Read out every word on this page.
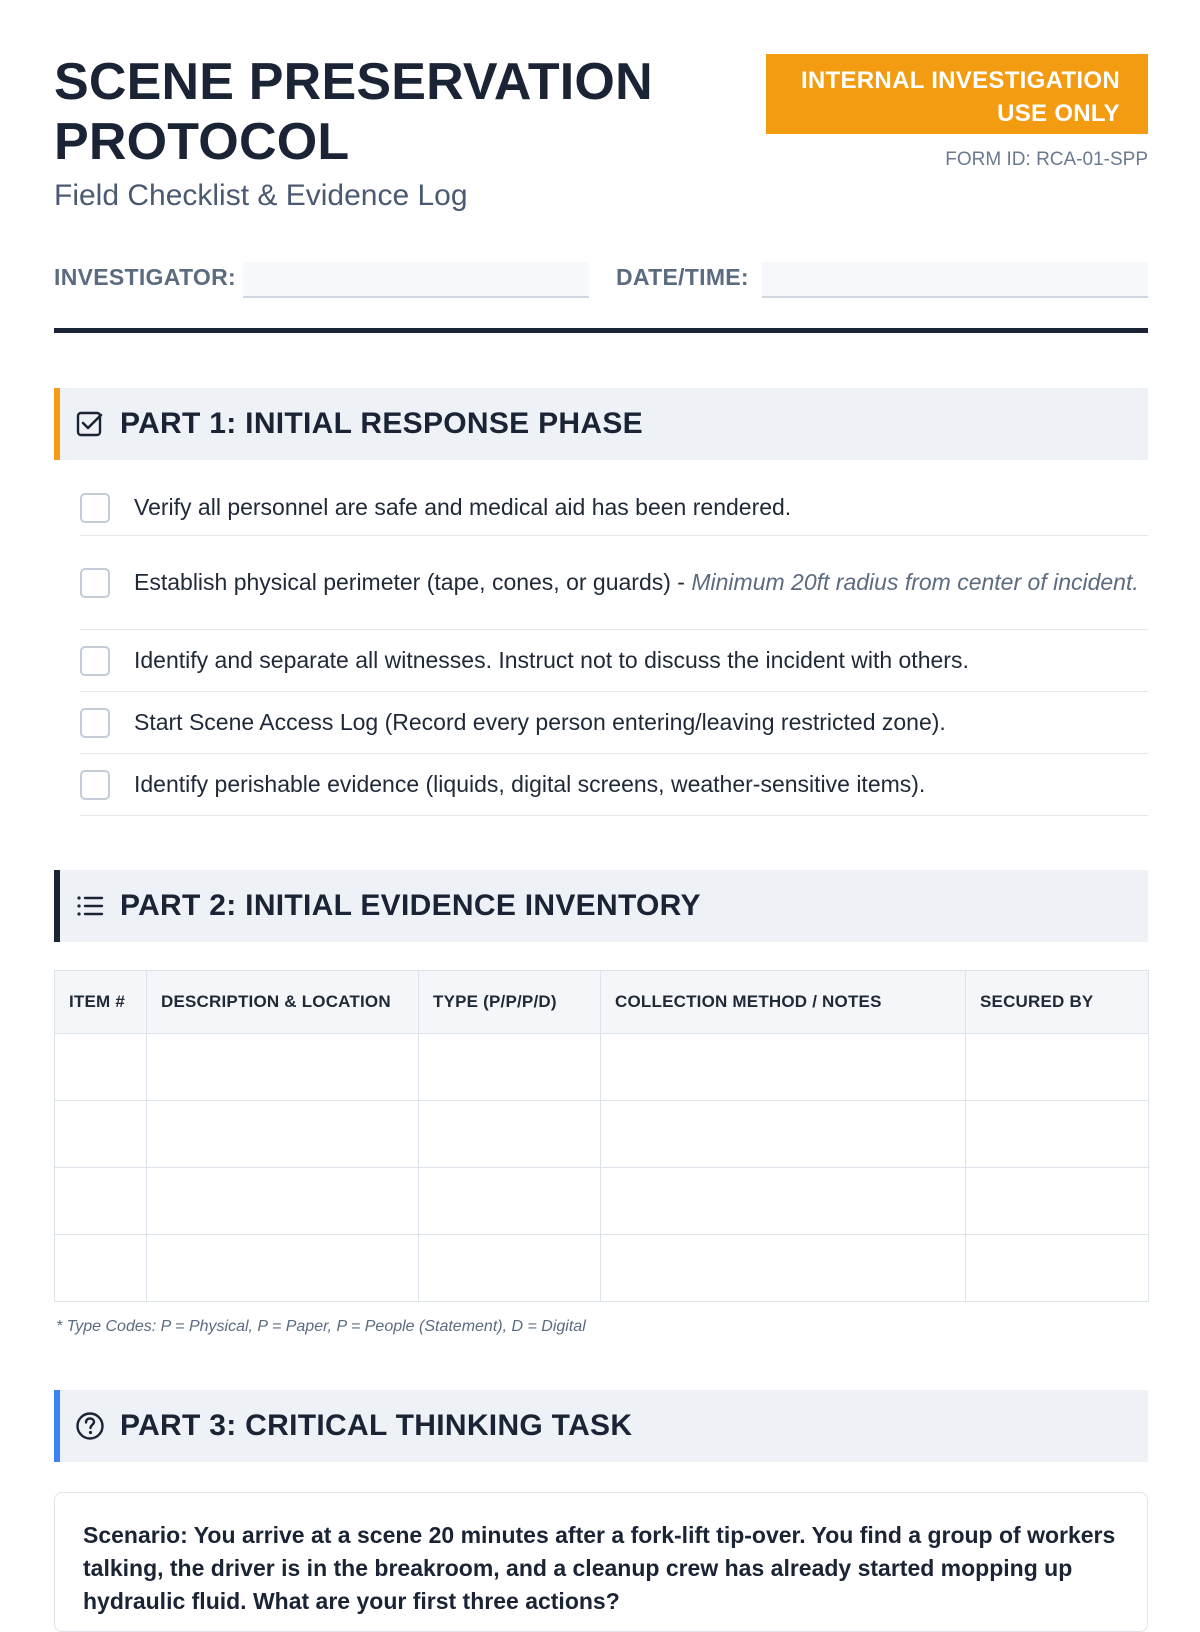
SCENE PRESERVATION PROTOCOL
Field Checklist & Evidence Log
INTERNAL INVESTIGATION USE ONLY
FORM ID: RCA-01-SPP
INVESTIGATOR:	DATE/TIME:
PART 1: INITIAL RESPONSE PHASE
Verify all personnel are safe and medical aid has been rendered.
Establish physical perimeter (tape, cones, or guards) - Minimum 20ft radius from center of incident.
Identify and separate all witnesses. Instruct not to discuss the incident with others.
Start Scene Access Log (Record every person entering/leaving restricted zone).
Identify perishable evidence (liquids, digital screens, weather-sensitive items).
PART 2: INITIAL EVIDENCE INVENTORY
ITEM #	DESCRIPTION & LOCATION	TYPE (P/P/P/D)	COLLECTION METHOD / NOTES	SECURED BY

* Type Codes: P = Physical, P = Paper, P = People (Statement), D = Digital
PART 3: CRITICAL THINKING TASK

Scenario: You arrive at a scene 20 minutes after a fork-lift tip-over. You find a group of workers talking, the driver is in the breakroom, and a cleanup crew has already started mopping up hydraulic fluid. What are your first three actions?
